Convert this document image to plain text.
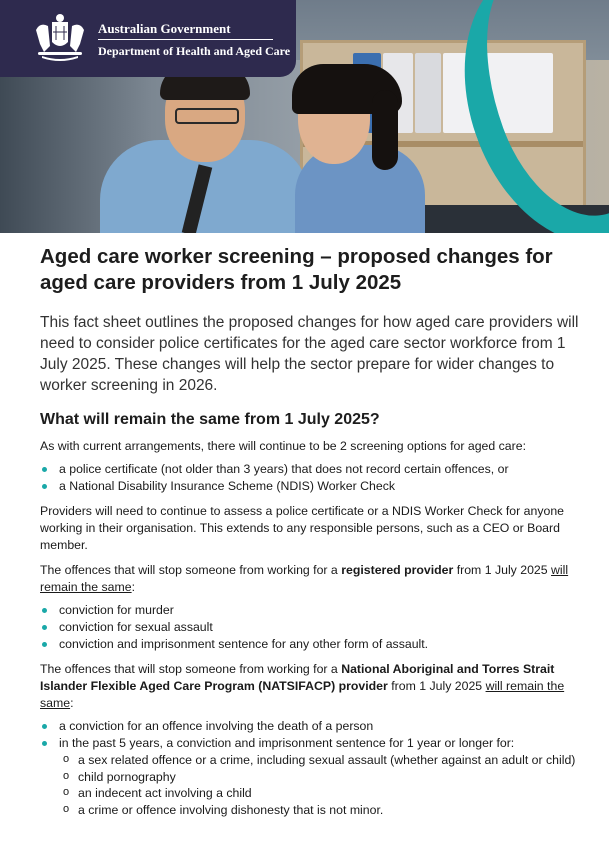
Australian Government
Department of Health and Aged Care
Aged care worker screening – proposed changes for aged care providers from 1 July 2025
This fact sheet outlines the proposed changes for how aged care providers will need to consider police certificates for the aged care sector workforce from 1 July 2025. These changes will help the sector prepare for wider changes to worker screening in 2026.
What will remain the same from 1 July 2025?

As with current arrangements, there will continue to be 2 screening options for aged care:

a police certificate (not older than 3 years) that does not record certain offences, or
a National Disability Insurance Scheme (NDIS) Worker Check

Providers will need to continue to assess a police certificate or a NDIS Worker Check for anyone working in their organisation. This extends to any responsible persons, such as a CEO or Board member.

The offences that will stop someone from working for a registered provider from 1 July 2025 will remain the same:

conviction for murder
conviction for sexual assault
conviction and imprisonment sentence for any other form of assault.

The offences that will stop someone from working for a National Aboriginal and Torres Strait Islander Flexible Aged Care Program (NATSIFACP) provider from 1 July 2025 will remain the same:

a conviction for an offence involving the death of a person
in the past 5 years, a conviction and imprisonment sentence for 1 year or longer for:
o a sex related offence or a crime, including sexual assault (whether against an adult or child)
o child pornography
o an indecent act involving a child
o a crime or offence involving dishonesty that is not minor.
